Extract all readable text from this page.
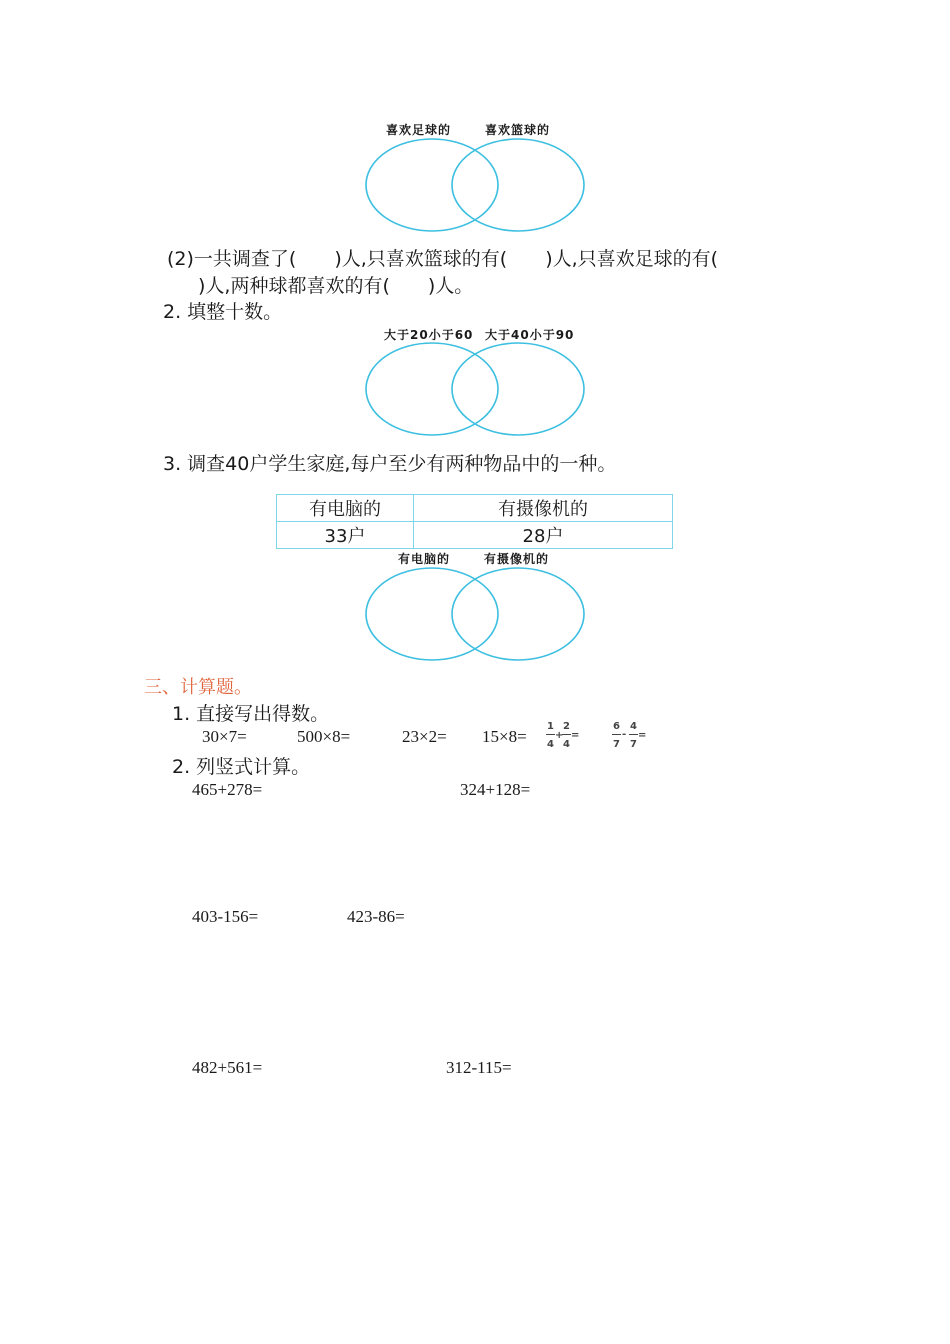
喜欢足球的	喜欢篮球的
(2)一共调查了(　　)人,只喜欢篮球的有(　　)人,只喜欢足球的有(
)人,两种球都喜欢的有(　　)人。
2. 填整十数。
大于20小于60 大于40小于90
3. 调查40户学生家庭,每户至少有两种物品中的一种。
有电脑的	有摄像机的
33户	28户
有电脑的	有摄像机的
三、计算题。
1. 直接写出得数。
30×7=	500×8=	23×2= 15×8=
1
4
+
2
4
=
6
7
-
4
7
=
2. 列竖式计算。
465+278=	324+128=
403-156=	423-86=
482+561=	312-115=
